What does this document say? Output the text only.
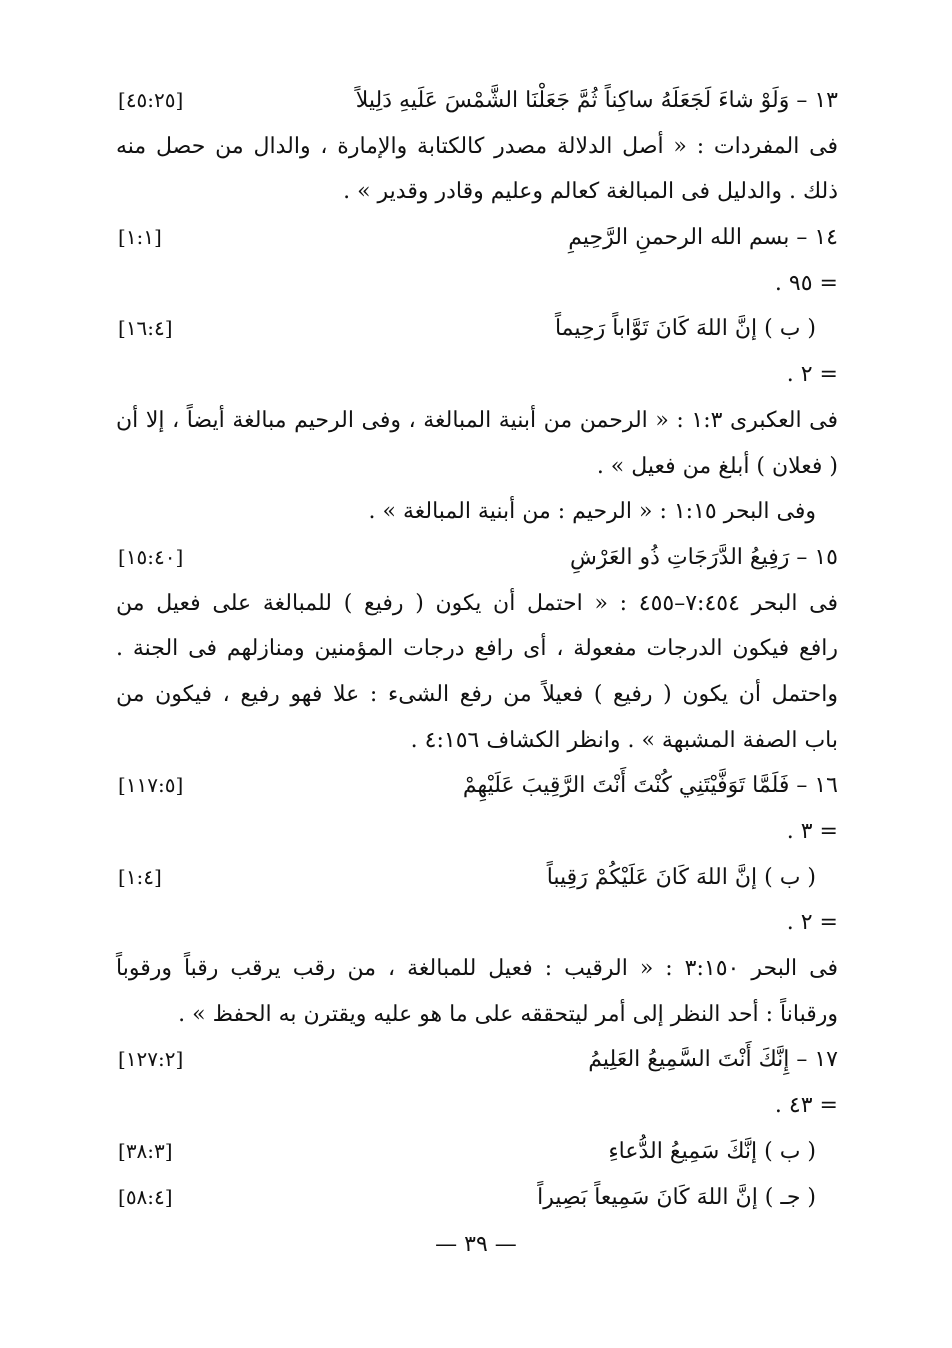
١٣ – وَلَوْ شاءَ لَجَعَلَهُ ساكِناً ثُمَّ جَعَلْنَا الشَّمْسَ عَلَيهِ دَلِيلاً
[٤٥:٢٥]
فى المفردات : « أصل الدلالة مصدر كالكتابة والإمارة ، والدال من حصل منه
ذلك . والدليل فى المبالغة كعالم وعليم وقادر وقدير » .
١٤ – بسم الله الرحمنِ الرَّحِيمِ
[١:١]
= ٩٥ .
( ب ) إنَّ اللهَ كَانَ تَوَّاباً رَحِيماً
[١٦:٤]
= ٢ .
فى العكبرى ١:٣ : « الرحمن من أبنية المبالغة ، وفى الرحيم مبالغة أيضاً ، إلا أن
( فعلان ) أبلغ من فعيل » .
وفى البحر ١:١٥ : « الرحيم : من أبنية المبالغة » .
١٥ – رَفِيعُ الدَّرَجَاتِ ذُو العَرْشِ
[١٥:٤٠]
فى البحر ٧:٤٥٤–٤٥٥ : « احتمل أن يكون ( رفيع ) للمبالغة على فعيل من
رافع فيكون الدرجات مفعولة ، أى رافع درجات المؤمنين ومنازلهم فى الجنة .
واحتمل أن يكون ( رفيع ) فعيلاً من رفع الشىء : علا فهو رفيع ، فيكون من
باب الصفة المشبهة » . وانظر الكشاف ٤:١٥٦ .
١٦ – فَلَمَّا تَوَفَّيْتَنِي كُنْتَ أَنْتَ الرَّقِيبَ عَلَيْهِمْ
[١١٧:٥]
= ٣ .
( ب ) إنَّ اللهَ كَانَ عَلَيْكُمْ رَقِيباً
[١:٤]
= ٢ .
فى البحر ٣:١٥٠ : « الرقيب : فعيل للمبالغة ، من رقب يرقب رقباً ورقوباً
ورقباناً : أحد النظر إلى أمر ليتحققه على ما هو عليه ويقترن به الحفظ » .
١٧ – إِنَّكَ أَنْتَ السَّمِيعُ العَلِيمُ
[١٢٧:٢]
= ٤٣ .
( ب ) إنَّكَ سَمِيعُ الدُّعاءِ
[٣٨:٣]
( جـ ) إنَّ اللهَ كَانَ سَمِيعاً بَصِيراً
[٥٨:٤]
— ٣٩ —
